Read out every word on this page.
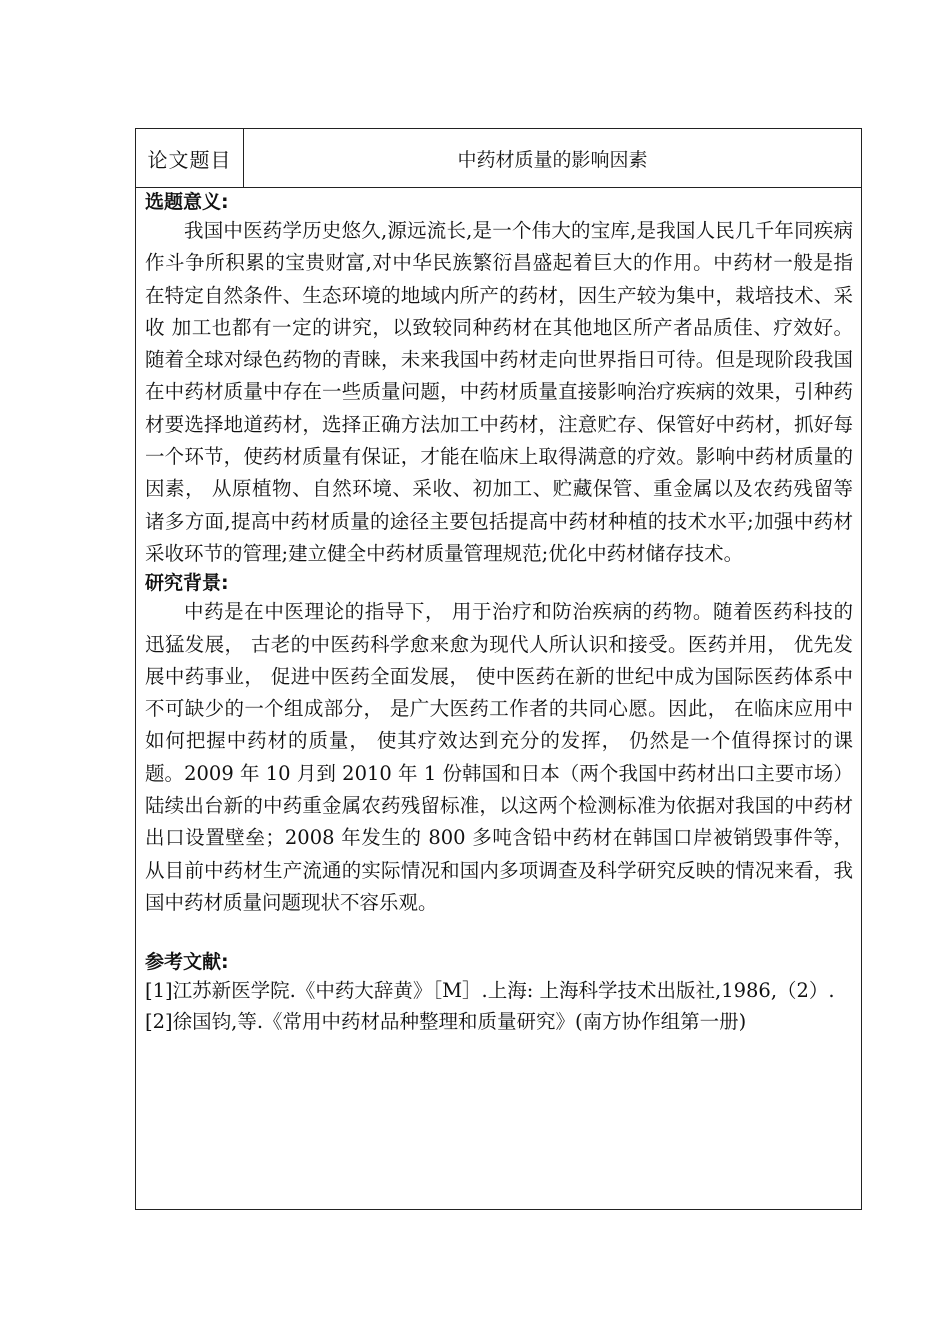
论文题目	中药材质量的影响因素
选题意义:

我国中医药学历史悠久,源远流长,是一个伟大的宝库,是我国人民几千年同疾病作斗争所积累的宝贵财富,对中华民族繁衍昌盛起着巨大的作用。中药材一般是指在特定自然条件、生态环境的地域内所产的药材，因生产较为集中，栽培技术、采收 加工也都有一定的讲究，以致较同种药材在其他地区所产者品质佳、疗效好。随着全球对绿色药物的青睐，未来我国中药材走向世界指日可待。但是现阶段我国在中药材质量中存在一些质量问题，中药材质量直接影响治疗疾病的效果，引种药材要选择地道药材，选择正确方法加工中药材，注意贮存、保管好中药材，抓好每一个环节，使药材质量有保证，才能在临床上取得满意的疗效。影响中药材质量的因素， 从原植物、自然环境、采收、初加工、贮藏保管、重金属以及农药残留等诸多方面,提高中药材质量的途径主要包括提高中药材种植的技术水平;加强中药材采收环节的管理;建立健全中药材质量管理规范;优化中药材储存技术。

研究背景:

中药是在中医理论的指导下， 用于治疗和防治疾病的药物。随着医药科技的迅猛发展， 古老的中医药科学愈来愈为现代人所认识和接受。医药并用， 优先发展中药事业， 促进中医药全面发展， 使中医药在新的世纪中成为国际医药体系中不可缺少的一个组成部分， 是广大医药工作者的共同心愿。因此， 在临床应用中如何把握中药材的质量， 使其疗效达到充分的发挥， 仍然是一个值得探讨的课题。2009 年 10 月到 2010 年 1 份韩国和日本（两个我国中药材出口主要市场）陆续出台新的中药重金属农药残留标准，以这两个检测标准为依据对我国的中药材出口设置壁垒；2008 年发生的 800 多吨含铅中药材在韩国口岸被销毁事件等，从目前中药材生产流通的实际情况和国内多项调查及科学研究反映的情况来看，我国中药材质量问题现状不容乐观。

参考文献:

[1]江苏新医学院.《中药大辞黄》［M］.上海: 上海科学技术出版社,1986,（2）.

[2]徐国钧,等.《常用中药材品种整理和质量研究》(南方协作组第一册)
